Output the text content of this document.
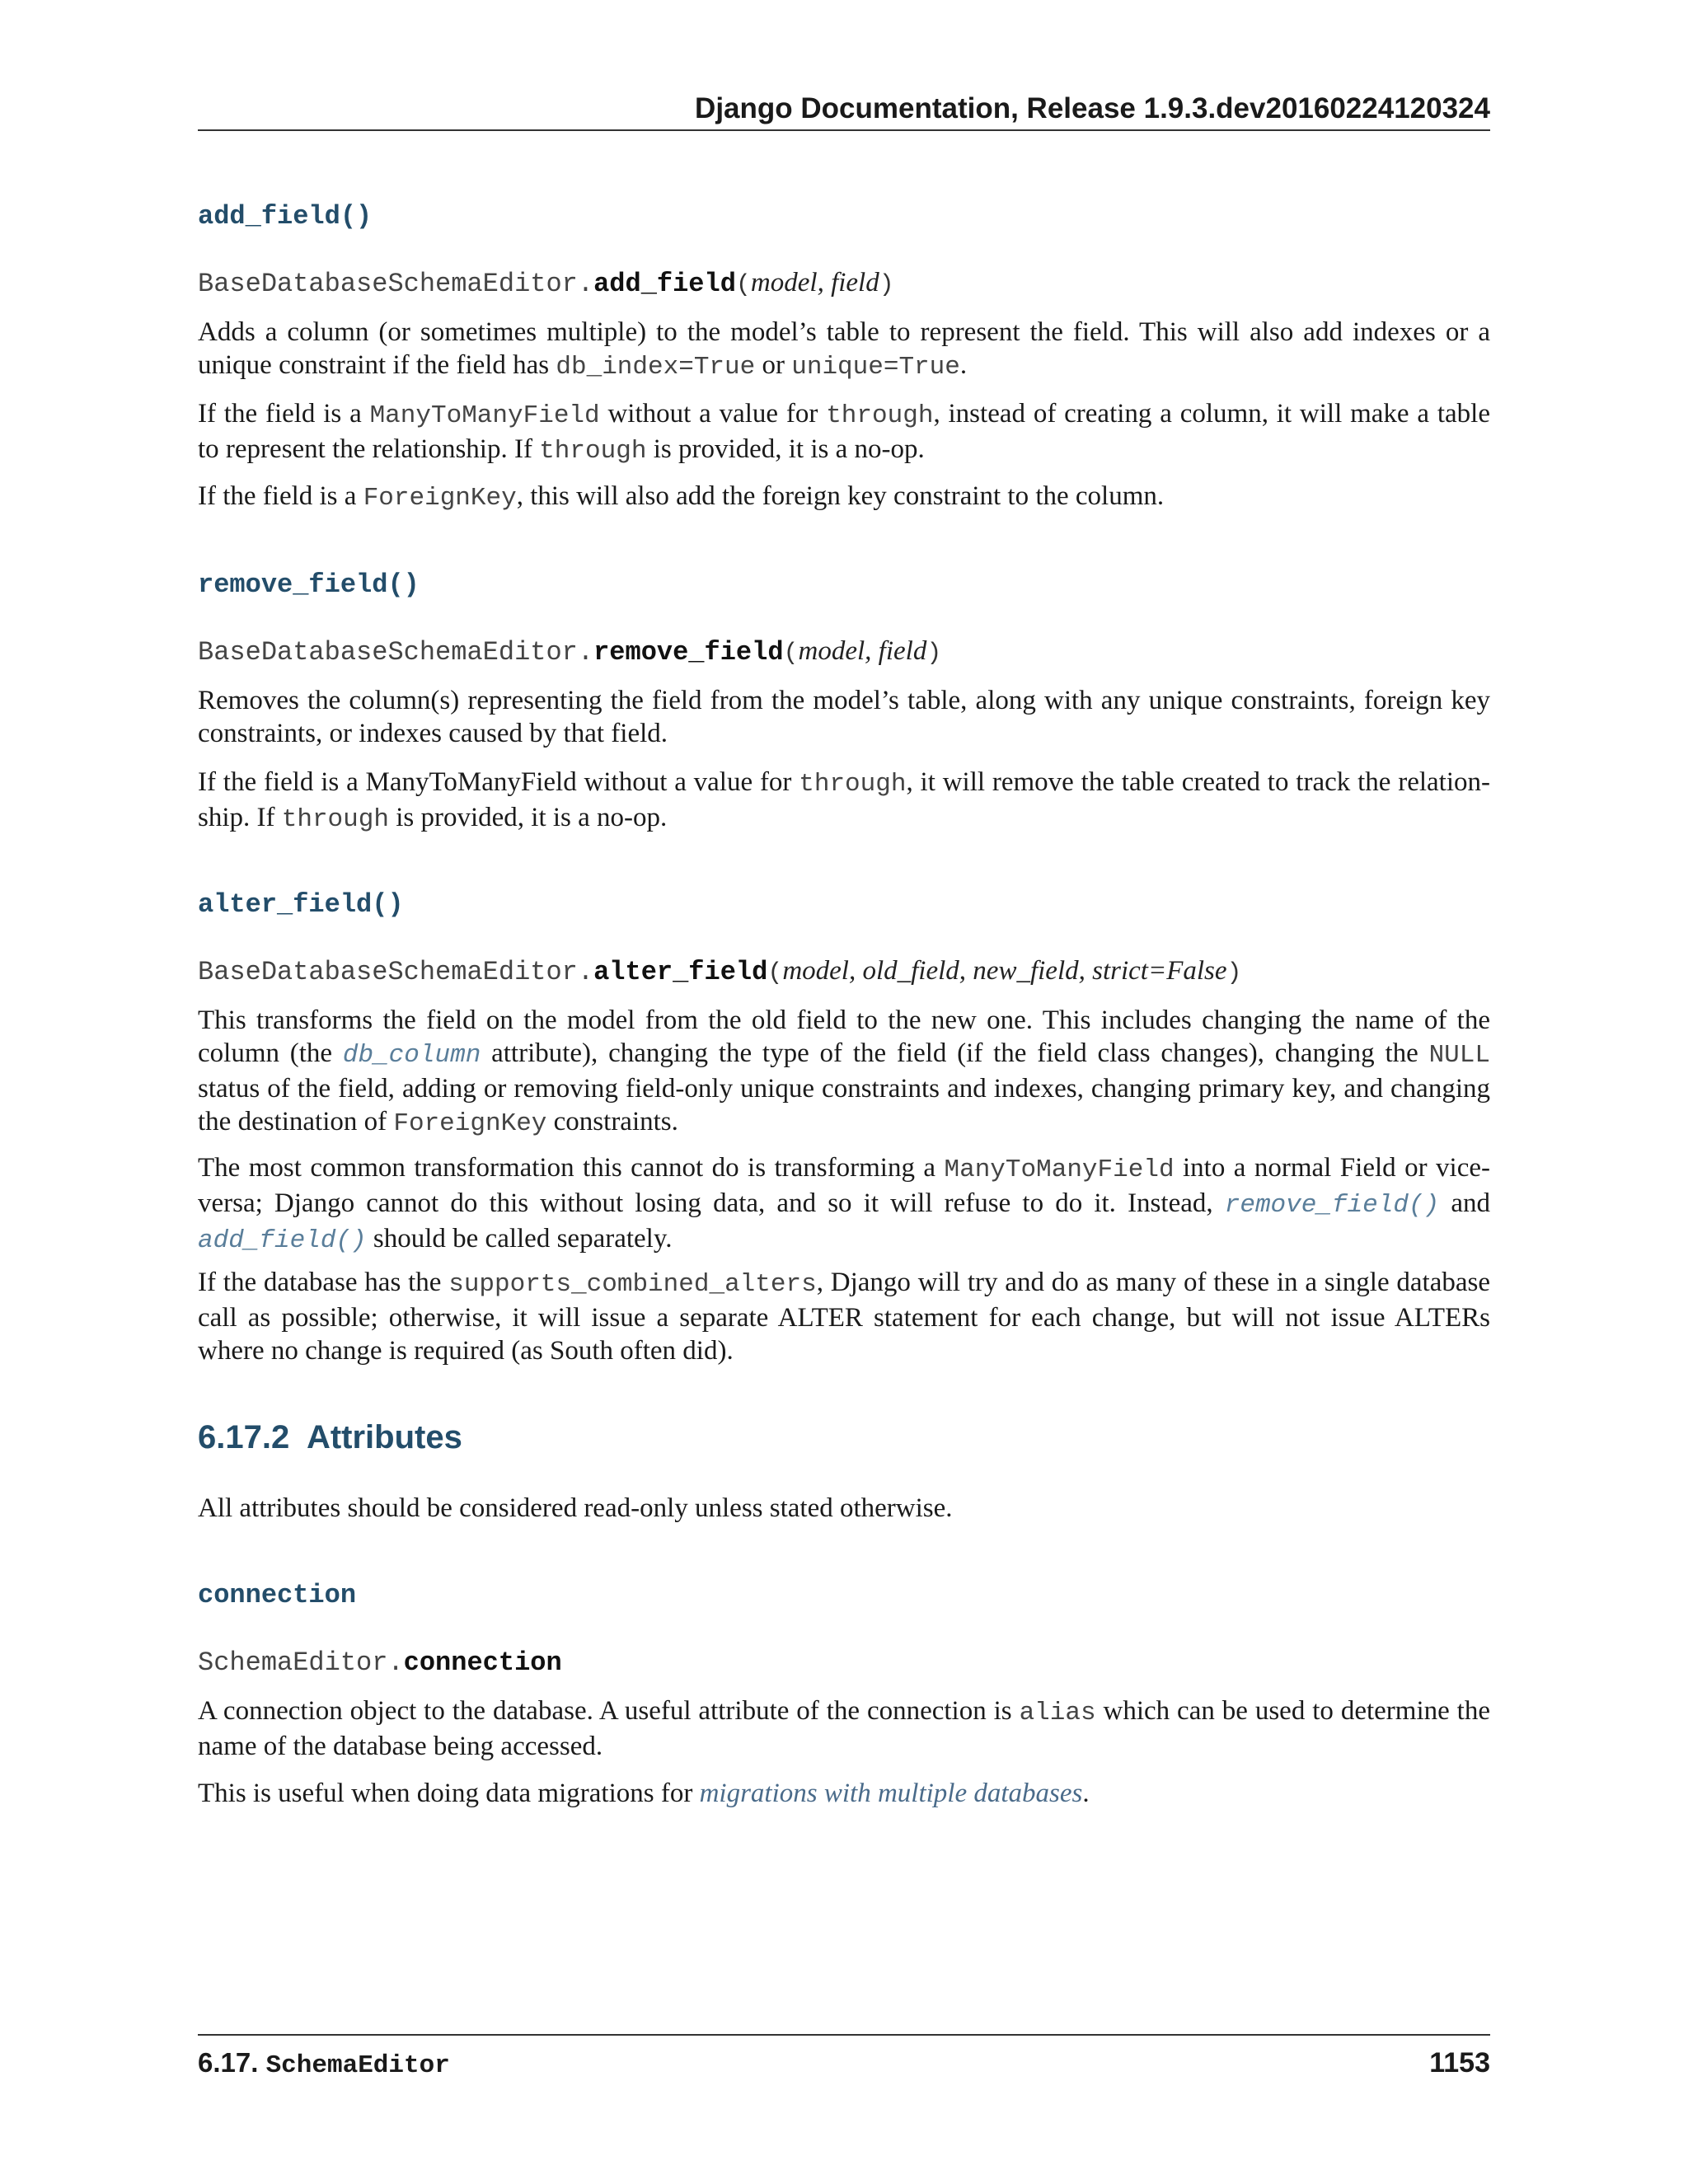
Django Documentation, Release 1.9.3.dev20160224120324
add_field()
BaseDatabaseSchemaEditor.add_field(model, field)
Adds a column (or sometimes multiple) to the model’s table to represent the field. This will also add indexes or a unique constraint if the field has db_index=True or unique=True.
If the field is a ManyToManyField without a value for through, instead of creating a column, it will make a table to represent the relationship. If through is provided, it is a no-op.
If the field is a ForeignKey, this will also add the foreign key constraint to the column.
remove_field()
BaseDatabaseSchemaEditor.remove_field(model, field)
Removes the column(s) representing the field from the model’s table, along with any unique constraints, foreign key constraints, or indexes caused by that field.
If the field is a ManyToManyField without a value for through, it will remove the table created to track the relation-ship. If through is provided, it is a no-op.
alter_field()
BaseDatabaseSchemaEditor.alter_field(model, old_field, new_field, strict=False)
This transforms the field on the model from the old field to the new one. This includes changing the name of the column (the db_column attribute), changing the type of the field (if the field class changes), changing the NULL status of the field, adding or removing field-only unique constraints and indexes, changing primary key, and changing the destination of ForeignKey constraints.
The most common transformation this cannot do is transforming a ManyToManyField into a normal Field or vice-versa; Django cannot do this without losing data, and so it will refuse to do it. Instead, remove_field() and add_field() should be called separately.
If the database has the supports_combined_alters, Django will try and do as many of these in a single database call as possible; otherwise, it will issue a separate ALTER statement for each change, but will not issue ALTERs where no change is required (as South often did).
6.17.2  Attributes
All attributes should be considered read-only unless stated otherwise.
connection
SchemaEditor.connection
A connection object to the database. A useful attribute of the connection is alias which can be used to determine the name of the database being accessed.
This is useful when doing data migrations for migrations with multiple databases.
6.17. SchemaEditor	1153
